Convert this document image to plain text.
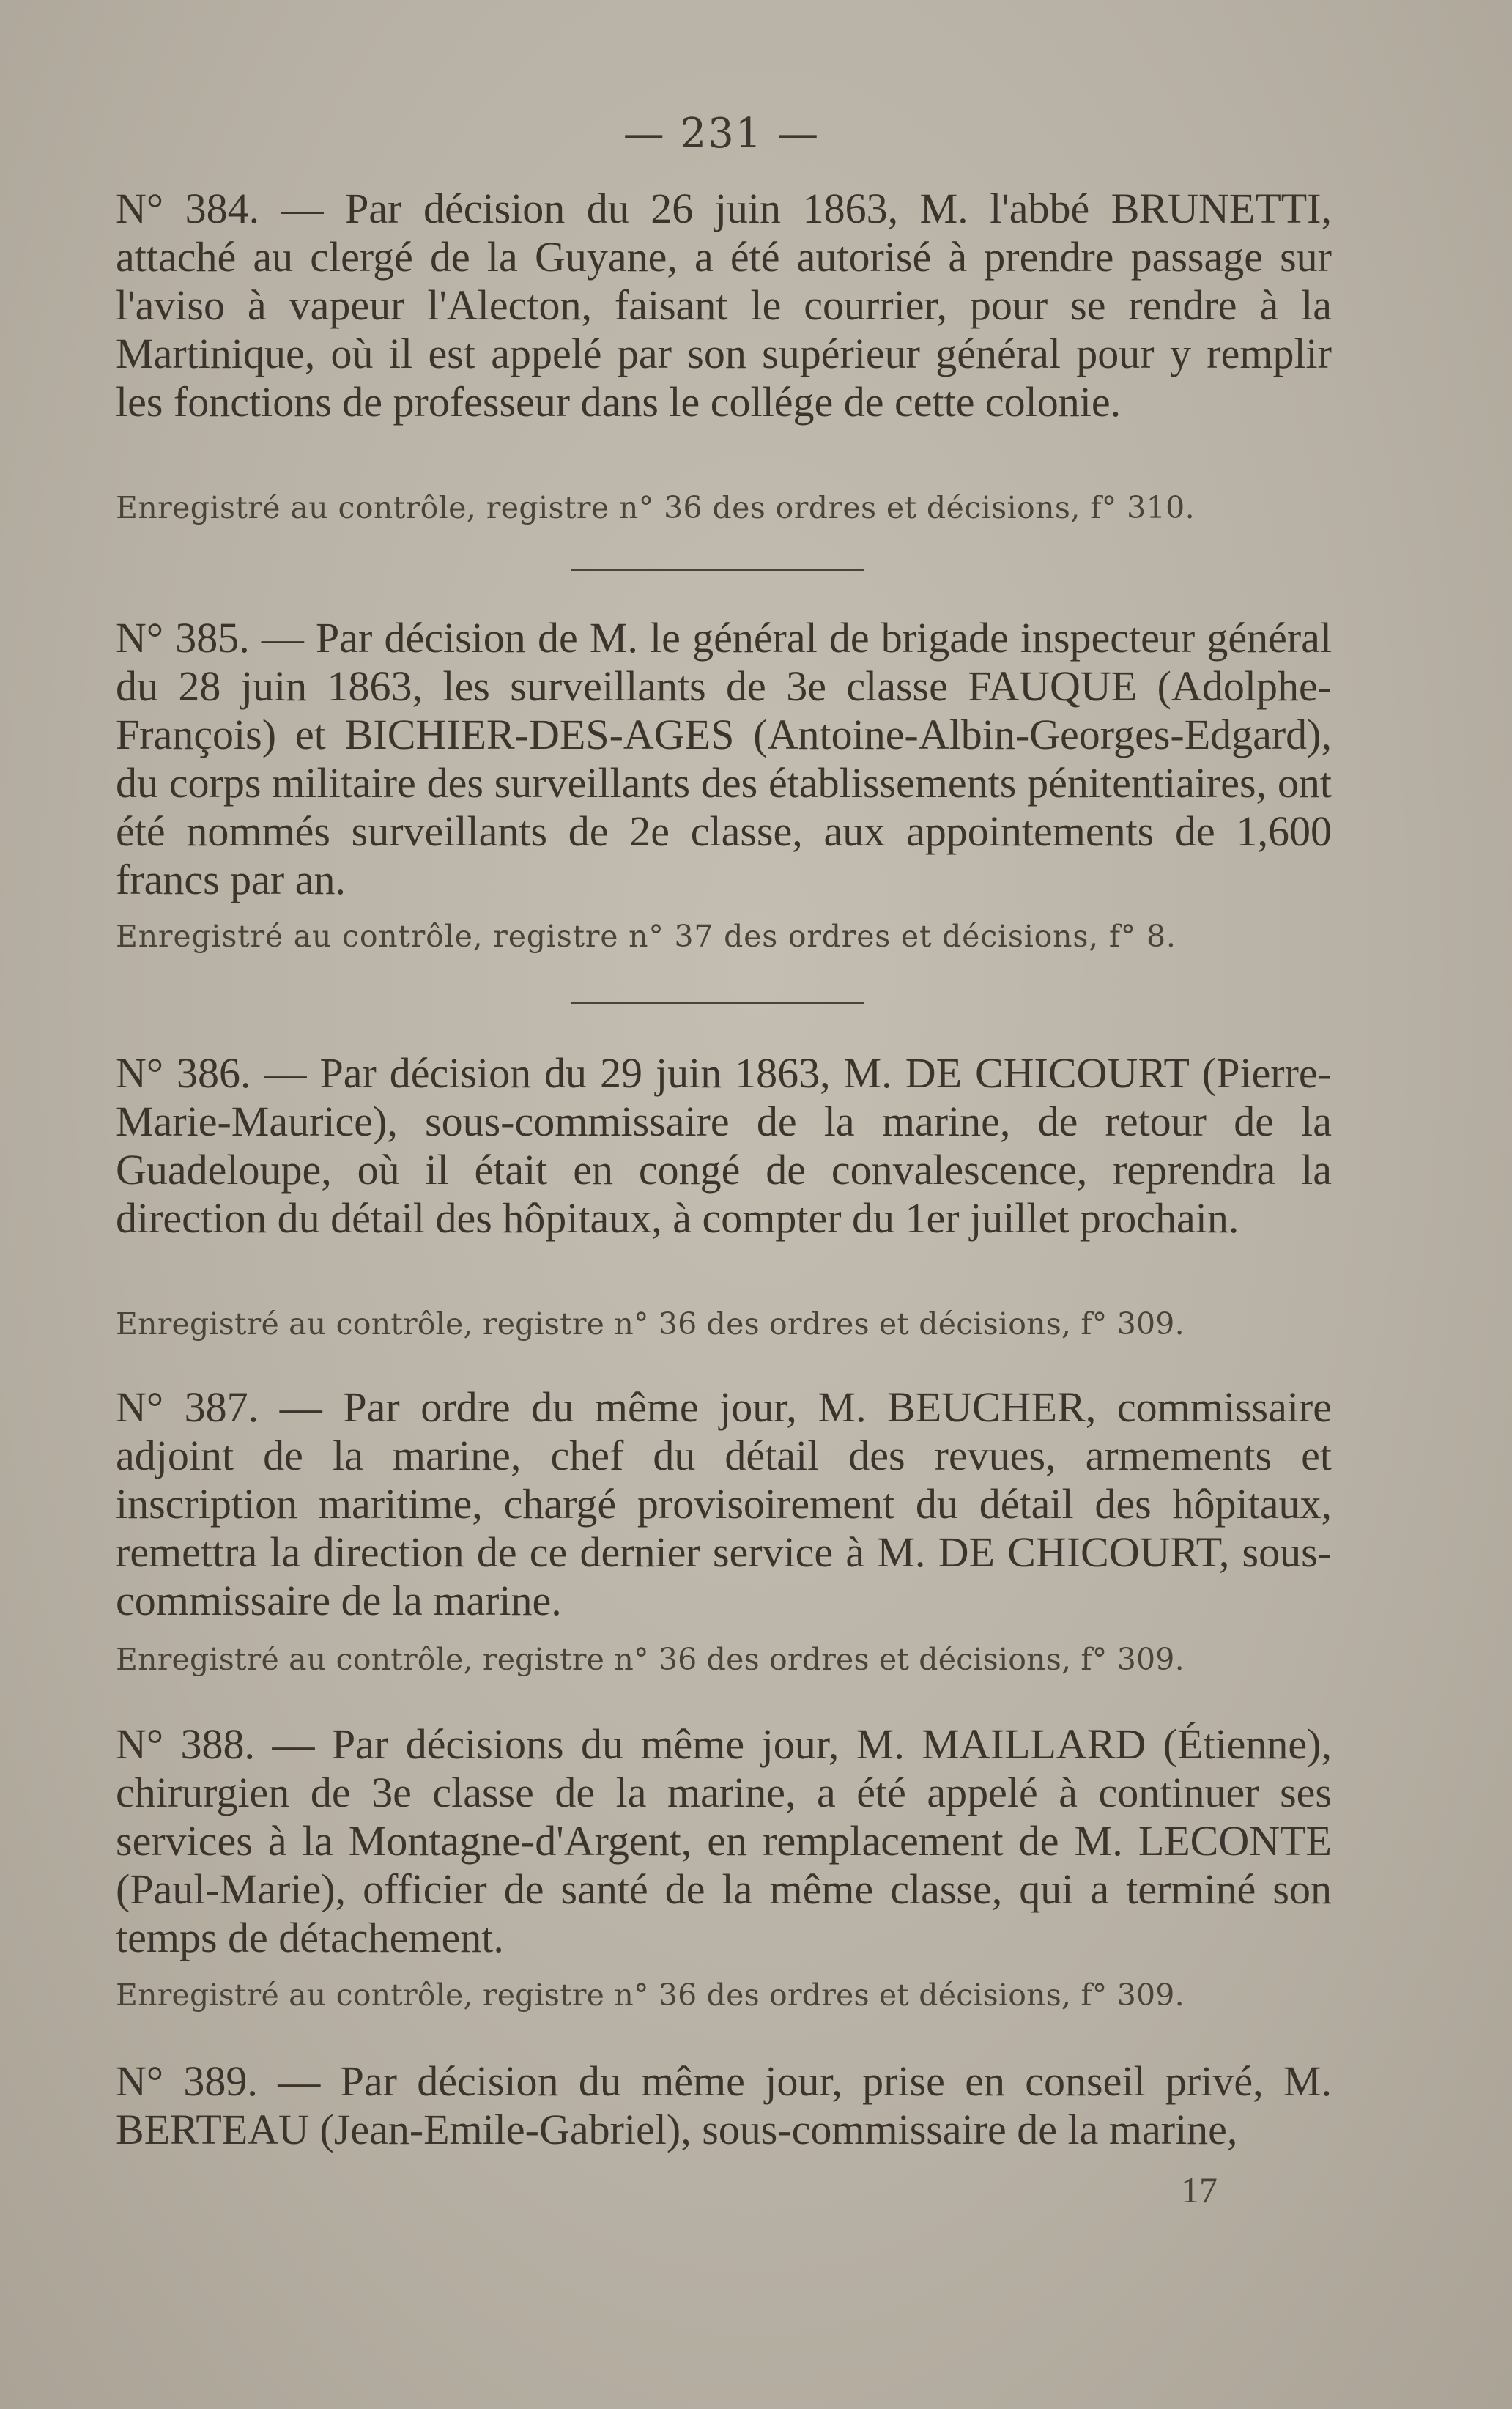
— 231 —
N° 384. — Par décision du 26 juin 1863, M. l'abbé BRUNETTI, attaché au clergé de la Guyane, a été autorisé à prendre passage sur l'aviso à vapeur l'Alecton, faisant le courrier, pour se rendre à la Martinique, où il est appelé par son supérieur général pour y remplir les fonctions de professeur dans le collége de cette colonie.
Enregistré au contrôle, registre n° 36 des ordres et décisions, f° 310.
N° 385. — Par décision de M. le général de brigade inspecteur général du 28 juin 1863, les surveillants de 3e classe FAUQUE (Adolphe-François) et BICHIER-DES-AGES (Antoine-Albin-Georges-Edgard), du corps militaire des surveillants des établissements pénitentiaires, ont été nommés surveillants de 2e classe, aux appointements de 1,600 francs par an.
Enregistré au contrôle, registre n° 37 des ordres et décisions, f° 8.
N° 386. — Par décision du 29 juin 1863, M. DE CHICOURT (Pierre-Marie-Maurice), sous-commissaire de la marine, de retour de la Guadeloupe, où il était en congé de convalescence, reprendra la direction du détail des hôpitaux, à compter du 1er juillet prochain.
Enregistré au contrôle, registre n° 36 des ordres et décisions, f° 309.
N° 387. — Par ordre du même jour, M. BEUCHER, commissaire adjoint de la marine, chef du détail des revues, armements et inscription maritime, chargé provisoirement du détail des hôpitaux, remettra la direction de ce dernier service à M. DE CHICOURT, sous-commissaire de la marine.
Enregistré au contrôle, registre n° 36 des ordres et décisions, f° 309.
N° 388. — Par décisions du même jour, M. MAILLARD (Étienne), chirurgien de 3e classe de la marine, a été appelé à continuer ses services à la Montagne-d'Argent, en remplacement de M. LECONTE (Paul-Marie), officier de santé de la même classe, qui a terminé son temps de détachement.
Enregistré au contrôle, registre n° 36 des ordres et décisions, f° 309.
N° 389. — Par décision du même jour, prise en conseil privé, M. BERTEAU (Jean-Emile-Gabriel), sous-commissaire de la marine,
17
